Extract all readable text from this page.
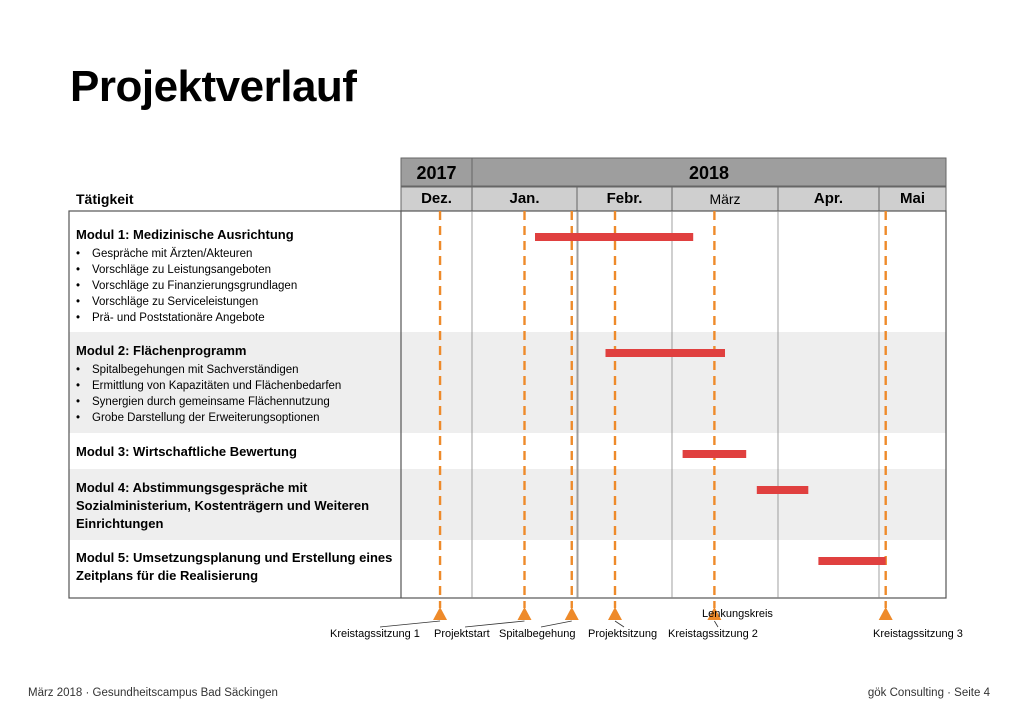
Projektverlauf
Tätigkeit
Kreistagssitzung 1 Projektstart Spitalbegehung Projektsitzung
Lenkungskreis
Kreistagssitzung 2	Kreistagssitzung 3
2017	2018
Dez.	Jan.	Febr.	März	Apr.	Mai
Modul 1: Medizinische Ausrichtung
• Gespräche mit Ärzten/Akteuren
• Vorschläge zu Leistungsangeboten
• Vorschläge zu Finanzierungsgrundlagen
• Vorschläge zu Serviceleistungen
• Prä- und Poststationäre Angebote
Modul 2: Flächenprogramm
• Spitalbegehungen mit Sachverständigen
• Ermittlung von Kapazitäten und Flächenbedarfen
• Synergien durch gemeinsame Flächennutzung
• Grobe Darstellung der Erweiterungsoptionen
Modul 3: Wirtschaftliche Bewertung
Modul 4: Abstimmungsgespräche mit Sozialministerium, Kostenträgern und Weiteren Einrichtungen
Modul 5: Umsetzungsplanung und Erstellung eines Zeitplans für die Realisierung
März 2018 · Gesundheitscampus Bad Säckingen	gök Consulting · Seite 4
